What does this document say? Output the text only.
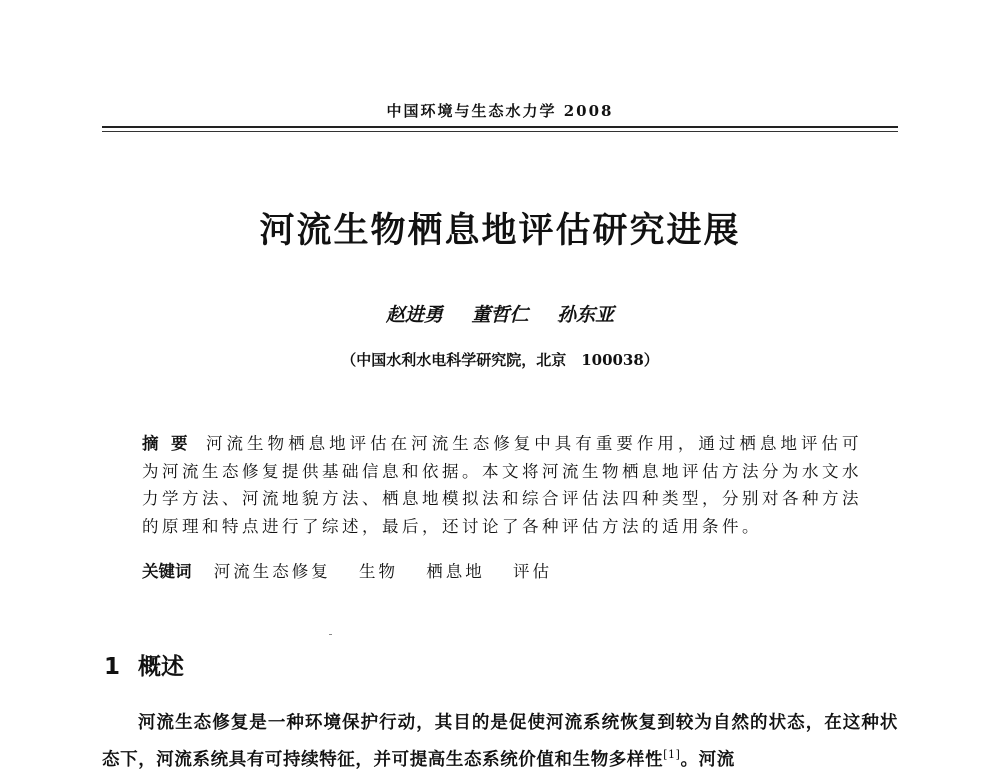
中国环境与生态水力学 2008
河流生物栖息地评估研究进展
赵进勇 董哲仁 孙东亚
（中国水利水电科学研究院，北京　100038）
摘要 河流生物栖息地评估在河流生态修复中具有重要作用，通过栖息地评估可为河流生态修复提供基础信息和依据。本文将河流生物栖息地评估方法分为水文水力学方法、河流地貌方法、栖息地模拟法和综合评估法四种类型，分别对各种方法的原理和特点进行了综述，最后，还讨论了各种评估方法的适用条件。
关键词 河流生态修复 生物 栖息地 评估
1 概述
河流生态修复是一种环境保护行动，其目的是促使河流系统恢复到较为自然的状态，在这种状态下，河流系统具有可持续特征，并可提高生态系统价值和生物多样性[1]。河流
